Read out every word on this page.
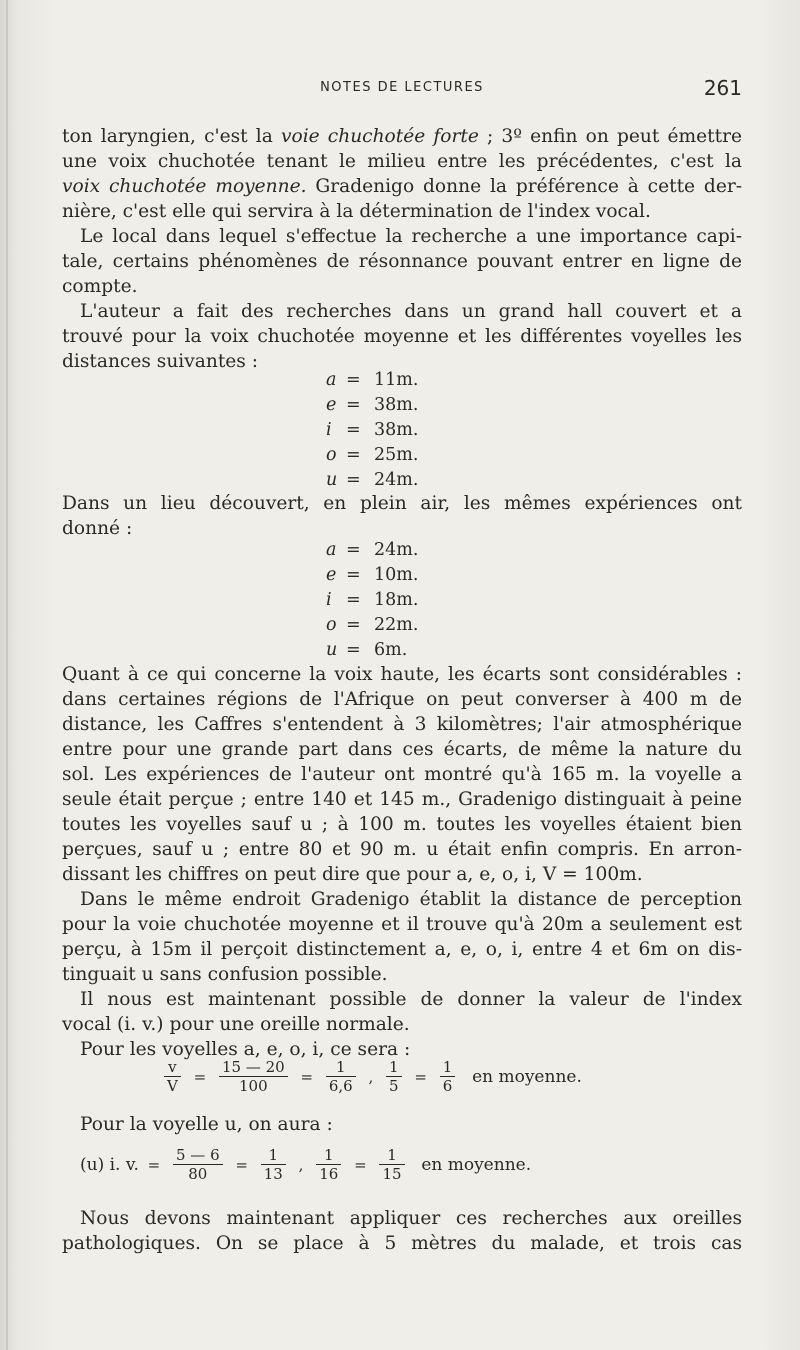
NOTES DE LECTURES	261

ton laryngien, c'est la voie chuchotée forte ; 3º enfin on peut émettre

une voix chuchotée tenant le milieu entre les précédentes, c'est la

voix chuchotée moyenne. Gradenigo donne la préférence à cette der-

nière, c'est elle qui servira à la détermination de l'index vocal.

Le local dans lequel s'effectue la recherche a une importance capi-

tale, certains phénomènes de résonnance pouvant entrer en ligne de

compte.

L'auteur a fait des recherches dans un grand hall couvert et a

trouvé pour la voix chuchotée moyenne et les différentes voyelles les

distances suivantes :

a = 11m.
e = 38m.
i = 38m.
o = 25m.
u = 24m.

Dans un lieu découvert, en plein air, les mêmes expériences ont

donné :

a = 24m.
e = 10m.
i = 18m.
o = 22m.
u = 6m.

Quant à ce qui concerne la voix haute, les écarts sont considérables :

dans certaines régions de l'Afrique on peut converser à 400 m de

distance, les Caffres s'entendent à 3 kilomètres; l'air atmosphérique

entre pour une grande part dans ces écarts, de même la nature du

sol. Les expériences de l'auteur ont montré qu'à 165 m. la voyelle a

seule était perçue ; entre 140 et 145 m., Gradenigo distinguait à peine

toutes les voyelles sauf u ; à 100 m. toutes les voyelles étaient bien

perçues, sauf u ; entre 80 et 90 m. u était enfin compris. En arron-

dissant les chiffres on peut dire que pour a, e, o, i, V = 100m.

Dans le même endroit Gradenigo établit la distance de perception

pour la voie chuchotée moyenne et il trouve qu'à 20m a seulement est

perçu, à 15m il perçoit distinctement a, e, o, i, entre 4 et 6m on dis-

tinguait u sans confusion possible.

Il nous est maintenant possible de donner la valeur de l'index

vocal (i. v.) pour une oreille normale.

Pour les voyelles a, e, o, i, ce sera :

$\frac{v}{V} = \frac{15 — 20}{100} = \frac{1}{6,6}$ , $\frac{1}{5} = \frac{1}{6}$ en moyenne.

Pour la voyelle u, on aura :

(u) i. v. = $\frac{5 — 6}{80} = \frac{1}{13}$ , $\frac{1}{16} = \frac{1}{15}$ en moyenne.

Nous devons maintenant appliquer ces recherches aux oreilles

pathologiques. On se place à 5 mètres du malade, et trois cas
